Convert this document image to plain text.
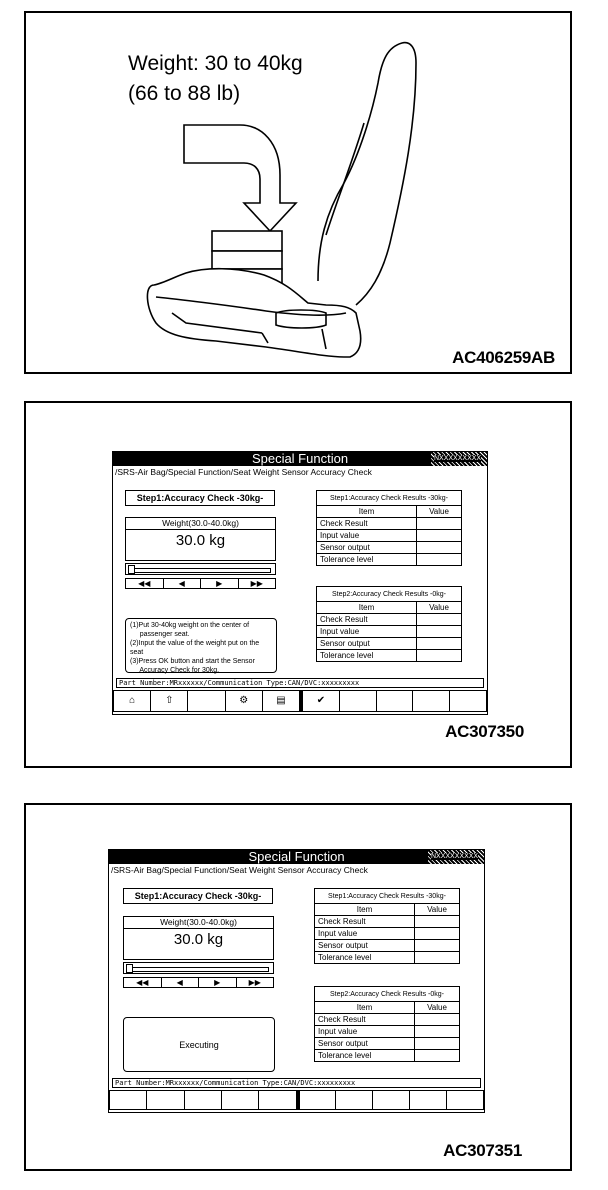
Weight: 30 to 40kg
(66 to 88 lb)
AC406259AB
Special Function	NXXXXXXXXX
/SRS-Air Bag/Special Function/Seat Weight Sensor Accuracy Check
Step1:Accuracy Check -30kg-
Weight(30.0-40.0kg)
30.0 kg
◀◀	◀	▶	▶▶

(1)Put 30-40kg weight on the center of

passenger seat.

(2)Input the value of the weight put on the seat

(3)Press OK button and start the Sensor

Accuracy Check for 30kg.

Step1:Accuracy Check Results -30kg-	
Item	Value
Check Result	
Input value	
Sensor output	
Tolerance level	
Step2:Accuracy Check Results -0kg-	
Item	Value
Check Result	
Input value	
Sensor output	
Tolerance level	
Part Number:MRxxxxxx/Communication Type:CAN/DVC:xxxxxxxxx
⌂	⇧	⚙	▤	✔
AC307350
Special Function	NXXXXXXXXX
/SRS-Air Bag/Special Function/Seat Weight Sensor Accuracy Check
Step1:Accuracy Check -30kg-
Weight(30.0-40.0kg)
30.0 kg
◀◀	◀	▶	▶▶
Executing
Step1:Accuracy Check Results -30kg-	
Item	Value
Check Result	
Input value	
Sensor output	
Tolerance level	
Step2:Accuracy Check Results -0kg-	
Item	Value
Check Result	
Input value	
Sensor output	
Tolerance level	
Part Number:MRxxxxxx/Communication Type:CAN/DVC:xxxxxxxxx
AC307351
